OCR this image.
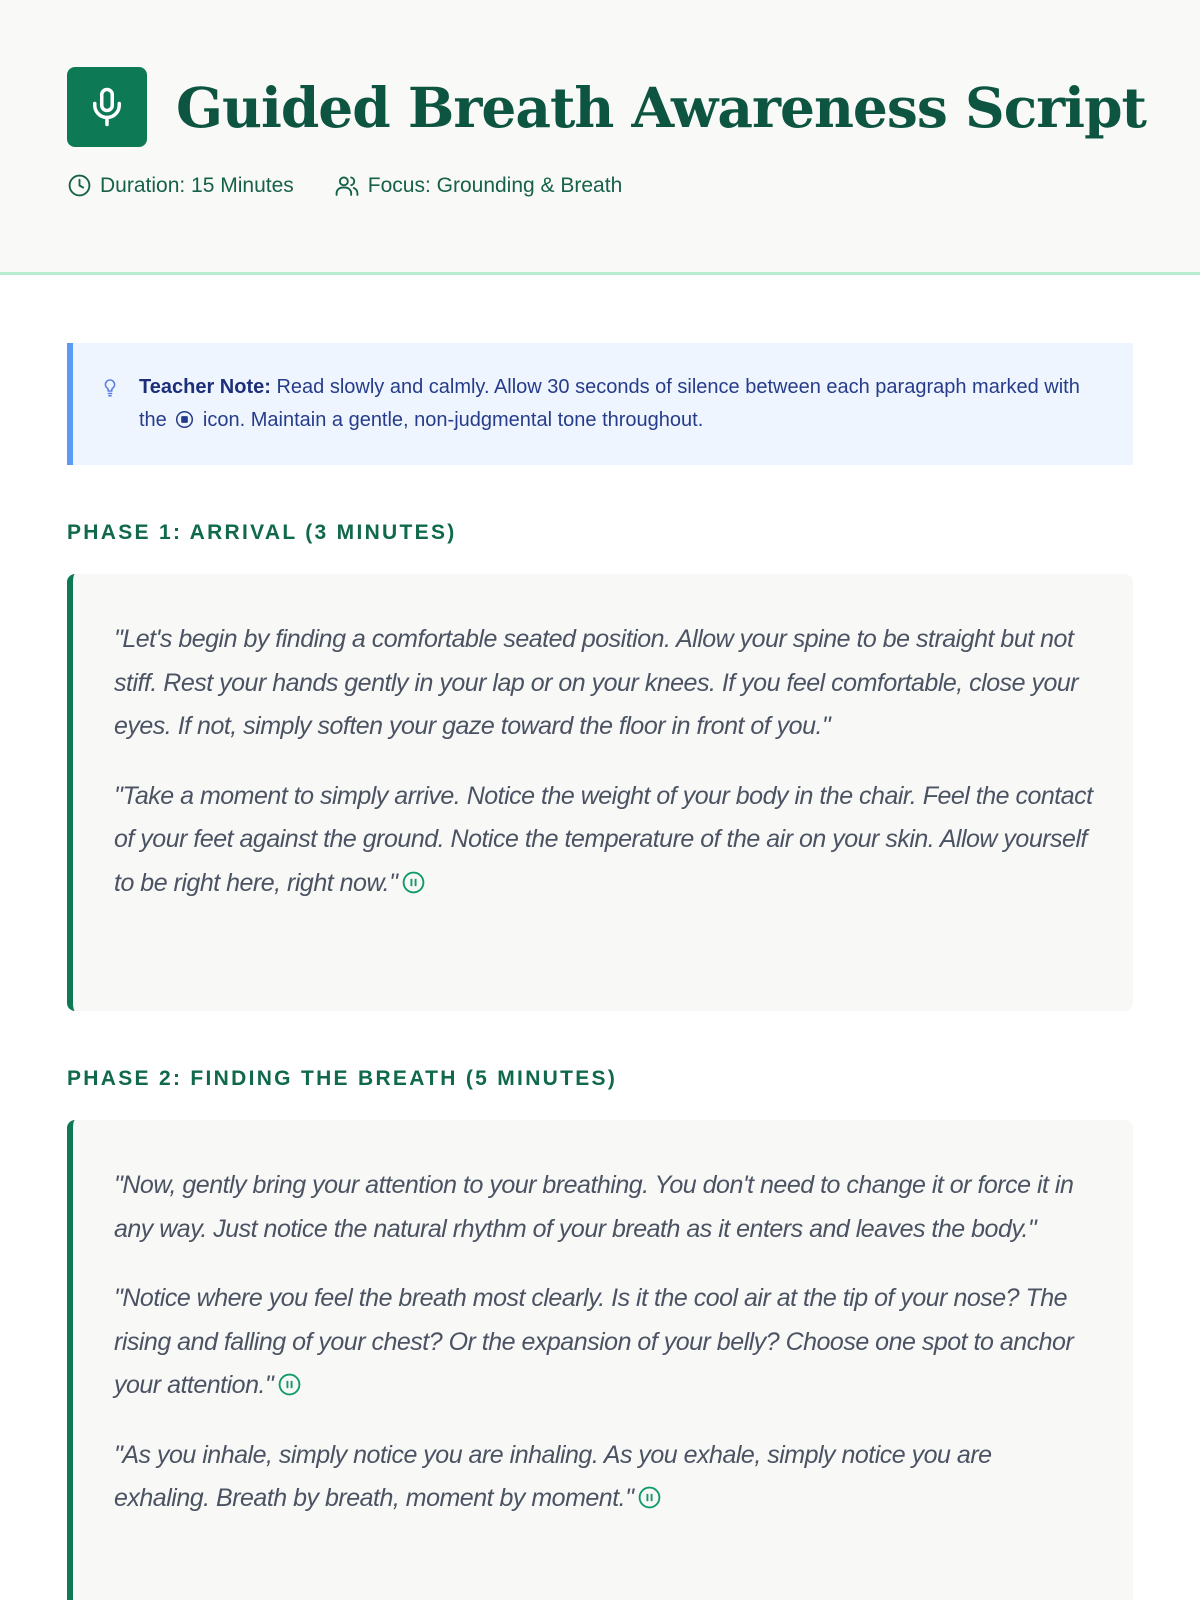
Guided Breath Awareness Script
Duration: 15 Minutes	Focus: Grounding & Breath
Teacher Note: Read slowly and calmly. Allow 30 seconds of silence between each paragraph marked with the  icon. Maintain a gentle, non-judgmental tone throughout.
PHASE 1: ARRIVAL (3 MINUTES)

"Let's begin by finding a comfortable seated position. Allow your spine to be straight but not stiff. Rest your hands gently in your lap or on your knees. If you feel comfortable, close your eyes. If not, simply soften your gaze toward the floor in front of you."

"Take a moment to simply arrive. Notice the weight of your body in the chair. Feel the contact of your feet against the ground. Notice the temperature of the air on your skin. Allow yourself to be right here, right now."

PHASE 2: FINDING THE BREATH (5 MINUTES)

"Now, gently bring your attention to your breathing. You don't need to change it or force it in any way. Just notice the natural rhythm of your breath as it enters and leaves the body."

"Notice where you feel the breath most clearly. Is it the cool air at the tip of your nose? The rising and falling of your chest? Or the expansion of your belly? Choose one spot to anchor your attention."

"As you inhale, simply notice you are inhaling. As you exhale, simply notice you are exhaling. Breath by breath, moment by moment."
